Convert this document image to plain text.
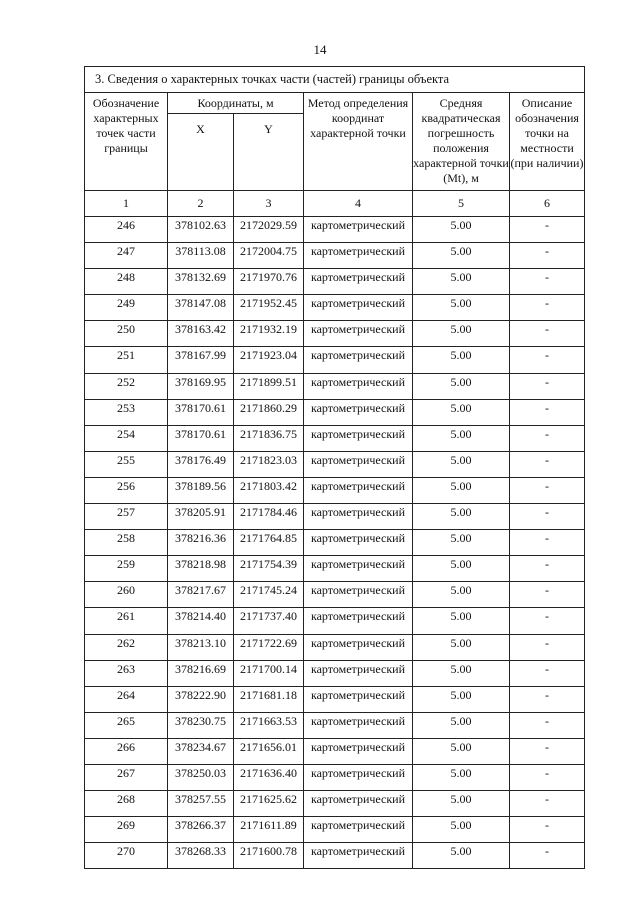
14
3. Сведения о характерных точках части (частей) границы объекта					
Обозначение характерных точек части границы	Координаты, м		Метод определения координат характерной точки	Средняя квадратическая погрешность положения характерной точки (Mt), м	Описание обозначения точки на местности (при наличии)
	X	Y			
1	2	3	4	5	6
246	378102.63	2172029.59	картометрический	5.00	-
247	378113.08	2172004.75	картометрический	5.00	-
248	378132.69	2171970.76	картометрический	5.00	-
249	378147.08	2171952.45	картометрический	5.00	-
250	378163.42	2171932.19	картометрический	5.00	-
251	378167.99	2171923.04	картометрический	5.00	-
252	378169.95	2171899.51	картометрический	5.00	-
253	378170.61	2171860.29	картометрический	5.00	-
254	378170.61	2171836.75	картометрический	5.00	-
255	378176.49	2171823.03	картометрический	5.00	-
256	378189.56	2171803.42	картометрический	5.00	-
257	378205.91	2171784.46	картометрический	5.00	-
258	378216.36	2171764.85	картометрический	5.00	-
259	378218.98	2171754.39	картометрический	5.00	-
260	378217.67	2171745.24	картометрический	5.00	-
261	378214.40	2171737.40	картометрический	5.00	-
262	378213.10	2171722.69	картометрический	5.00	-
263	378216.69	2171700.14	картометрический	5.00	-
264	378222.90	2171681.18	картометрический	5.00	-
265	378230.75	2171663.53	картометрический	5.00	-
266	378234.67	2171656.01	картометрический	5.00	-
267	378250.03	2171636.40	картометрический	5.00	-
268	378257.55	2171625.62	картометрический	5.00	-
269	378266.37	2171611.89	картометрический	5.00	-
270	378268.33	2171600.78	картометрический	5.00	-
